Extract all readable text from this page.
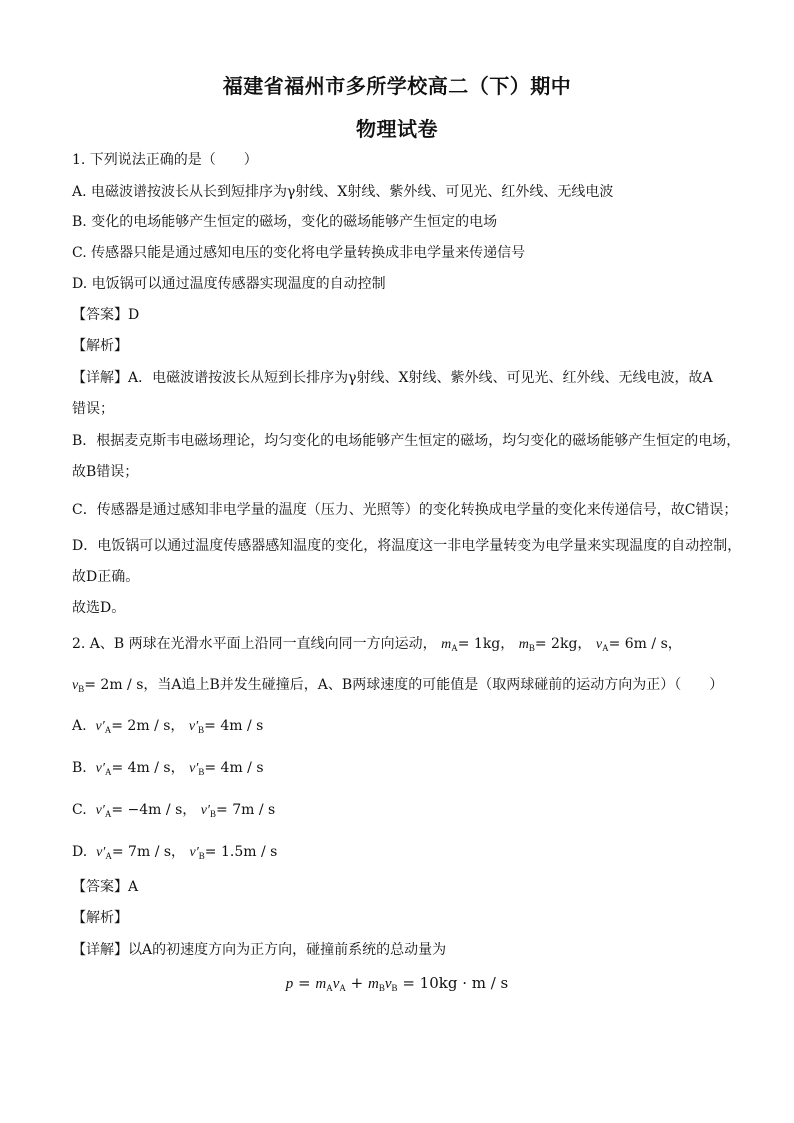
福建省福州市多所学校高二（下）期中
物理试卷
1. 下列说法正确的是（　　）
A. 电磁波谱按波长从长到短排序为γ射线、X射线、紫外线、可见光、红外线、无线电波
B. 变化的电场能够产生恒定的磁场，变化的磁场能够产生恒定的电场
C. 传感器只能是通过感知电压的变化将电学量转换成非电学量来传递信号
D. 电饭锅可以通过温度传感器实现温度的自动控制
【答案】D
【解析】
【详解】A．电磁波谱按波长从短到长排序为γ射线、X射线、紫外线、可见光、红外线、无线电波，故A
错误；
B．根据麦克斯韦电磁场理论，均匀变化的电场能够产生恒定的磁场，均匀变化的磁场能够产生恒定的电场，
故B错误；
C．传感器是通过感知非电学量的温度（压力、光照等）的变化转换成电学量的变化来传递信号，故C错误；
D．电饭锅可以通过温度传感器感知温度的变化，将温度这一非电学量转变为电学量来实现温度的自动控制，
故D正确。
故选D。
2. A、B 两球在光滑水平面上沿同一直线向同一方向运动， $m_A= 1kg$， $m_B= 2kg$， $v_A= 6m / s$，
$v_B= 2m / s$，当A追上B并发生碰撞后，A、B两球速度的可能值是（取两球碰前的运动方向为正）（　　）
A. $v'_A= 2m / s$， $v'_B= 4m / s$
B. $v'_A= 4m / s$， $v'_B= 4m / s$
C. $v'_A= -4m / s$， $v'_B= 7m / s$
D. $v'_A= 7m / s$， $v'_B= 1.5m / s$
【答案】A
【解析】
【详解】以A的初速度方向为正方向，碰撞前系统的总动量为
$p = m_Av_A + m_Bv_B = 10kg \cdot m / s$
